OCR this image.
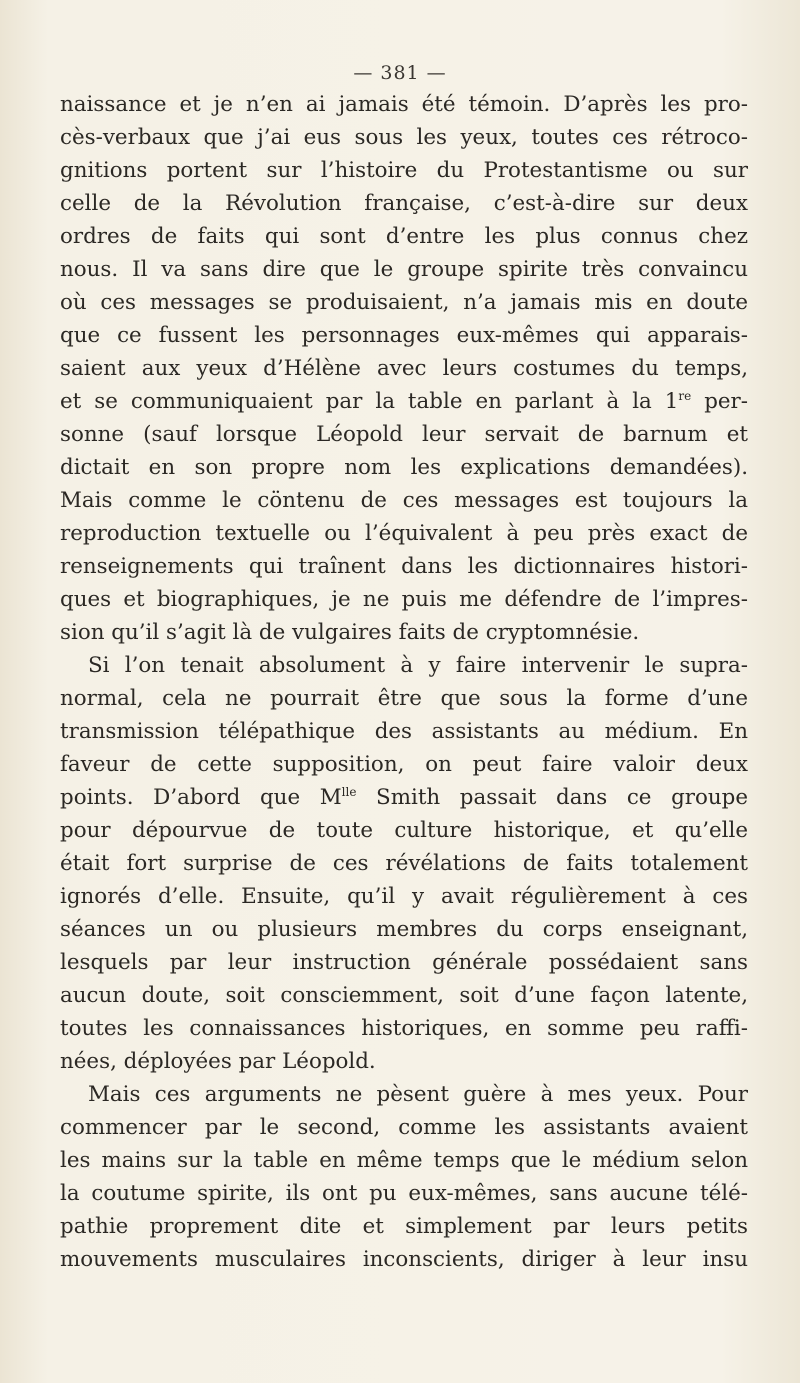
— 381 —
naissance et je n’en ai jamais été témoin. D’après les pro-
cès-verbaux que j’ai eus sous les yeux, toutes ces rétroco-
gnitions portent sur l’histoire du Protestantisme ou sur
celle de la Révolution française, c’est-à-dire sur deux
ordres de faits qui sont d’entre les plus connus chez
nous. Il va sans dire que le groupe spirite très convaincu
où ces messages se produisaient, n’a jamais mis en doute
que ce fussent les personnages eux-mêmes qui apparais-
saient aux yeux d’Hélène avec leurs costumes du temps,
et se communiquaient par la table en parlant à la 1re per-
sonne (sauf lorsque Léopold leur servait de barnum et
dictait en son propre nom les explications demandées).
Mais comme le cöntenu de ces messages est toujours la
reproduction textuelle ou l’équivalent à peu près exact de
renseignements qui traînent dans les dictionnaires histori-
ques et biographiques, je ne puis me défendre de l’impres-
sion qu’il s’agit là de vulgaires faits de cryptomnésie.
Si l’on tenait absolument à y faire intervenir le supra-
normal, cela ne pourrait être que sous la forme d’une
transmission télépathique des assistants au médium. En
faveur de cette supposition, on peut faire valoir deux
points. D’abord que $M^{lle}$ Smith passait dans ce groupe
pour dépourvue de toute culture historique, et qu’elle
était fort surprise de ces révélations de faits totalement
ignorés d’elle. Ensuite, qu’il y avait régulièrement à ces
séances un ou plusieurs membres du corps enseignant,
lesquels par leur instruction générale possédaient sans
aucun doute, soit consciemment, soit d’une façon latente,
toutes les connaissances historiques, en somme peu raffi-
nées, déployées par Léopold.
Mais ces arguments ne pèsent guère à mes yeux. Pour
commencer par le second, comme les assistants avaient
les mains sur la table en même temps que le médium selon
la coutume spirite, ils ont pu eux-mêmes, sans aucune télé-
pathie proprement dite et simplement par leurs petits
mouvements musculaires inconscients, diriger à leur insu
